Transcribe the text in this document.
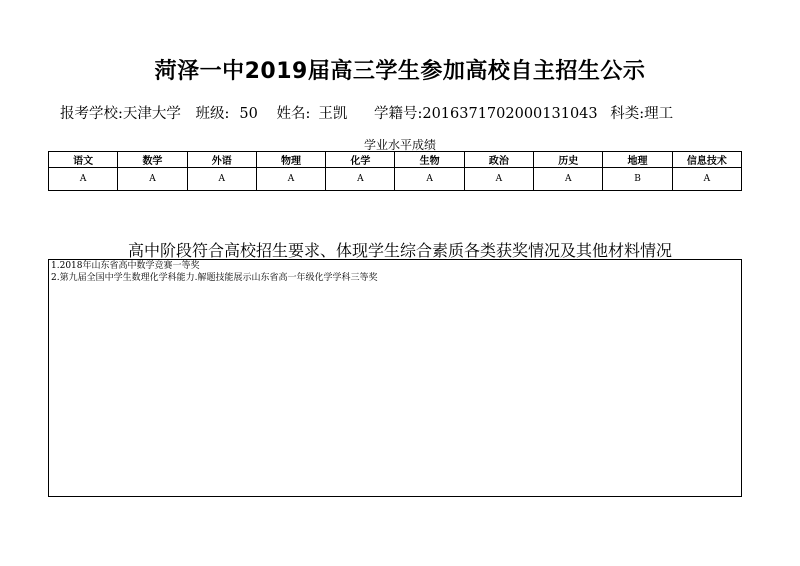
菏泽一中2019届高三学生参加高校自主招生公示
报考学校:天津大学 班级: 50 姓名: 王凯 学籍号:2016371702000131043 科类:理工
学业水平成绩
语文	数学	外语	物理	化学	生物	政治	历史	地理	信息技术
A	A	A	A	A	A	A	A	B	A
高中阶段符合高校招生要求、体现学生综合素质各类获奖情况及其他材料情况
1.2018年山东省高中数学竞赛一等奖
2.第九届全国中学生数理化学科能力.解题技能展示山东省高一年级化学学科三等奖
